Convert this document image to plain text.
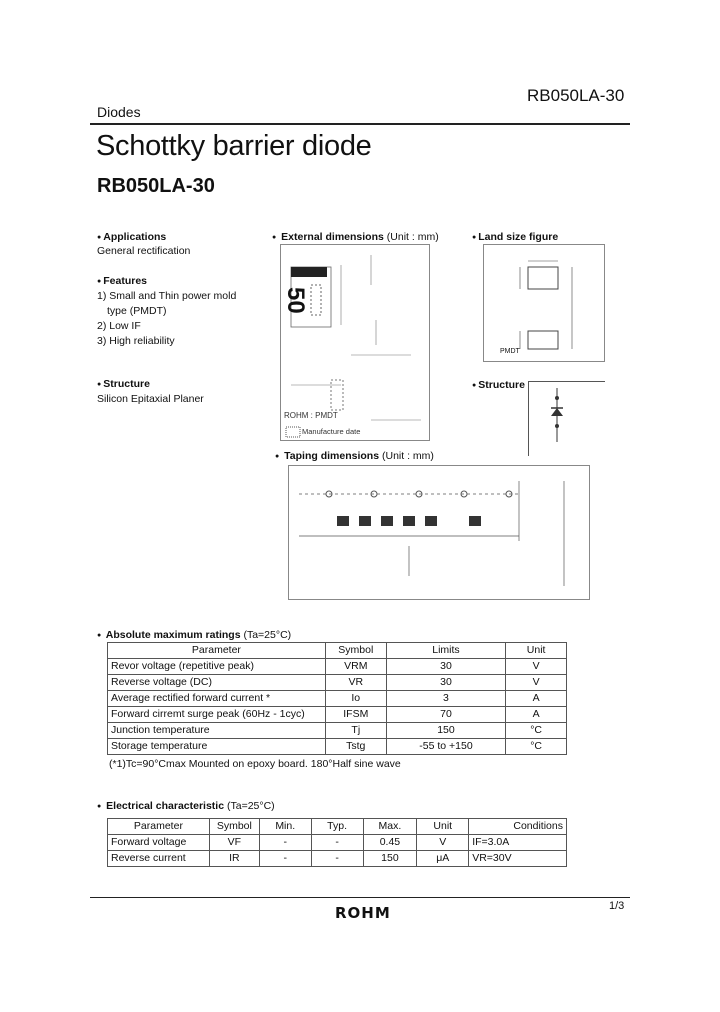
RB050LA-30
Diodes
Schottky barrier diode
RB050LA-30
● Applications
General rectification
● Features
1) Small and Thin power mold
type (PMDT)
2) Low IF
3) High reliability
● Structure
Silicon Epitaxial Planer
● External dimensions (Unit : mm)
50
ROHM : PMDT
Manufacture date
● Land size figure
PMDT
● Structure
● Taping dimensions (Unit : mm)
● Absolute maximum ratings (Ta=25°C)
Parameter	Symbol	Limits	Unit
Revor voltage (repetitive peak)	VRM	30	V
Reverse voltage (DC)	VR	30	V
Average rectified forward current *	Io	3	A
Forward cirremt surge peak (60Hz - 1cyc)	IFSM	70	A
Junction temperature	Tj	150	°C
Storage temperature	Tstg	-55 to +150	°C
(*1)Tc=90°Cmax Mounted on epoxy board. 180°Half sine wave
● Electrical characteristic (Ta=25°C)
Parameter	Symbol	Min.	Typ.	Max.	Unit	Conditions
Forward voltage	VF	-	-	0.45	V	IF=3.0A
Reverse current	IR	-	-	150	μA	VR=30V
ROHM	1/3
